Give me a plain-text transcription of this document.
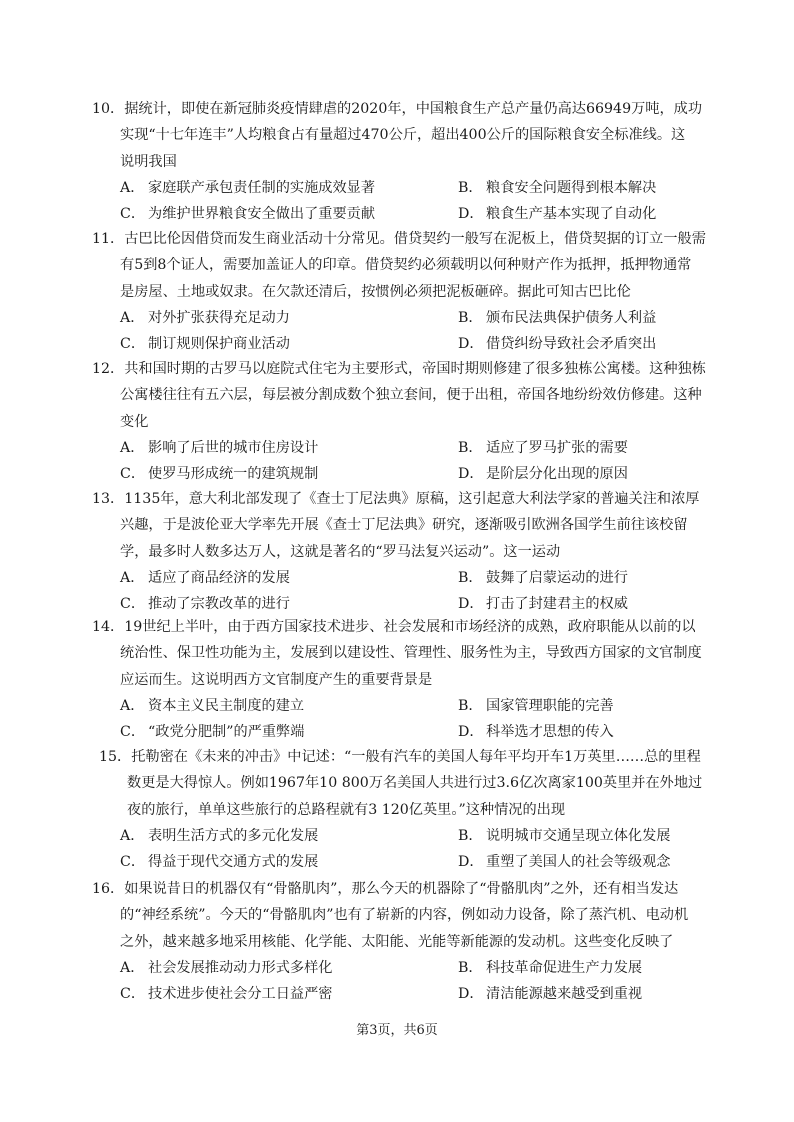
10．据统计，即使在新冠肺炎疫情肆虐的2020年，中国粮食生产总产量仍高达66949万吨，成功
实现“十七年连丰”人均粮食占有量超过470公斤，超出400公斤的国际粮食安全标准线。这
说明我国

A． 家庭联产承包责任制的实施成效显著	B． 粮食安全问题得到根本解决
C． 为维护世界粮食安全做出了重要贡献	D． 粮食生产基本实现了自动化

11．古巴比伦因借贷而发生商业活动十分常见。借贷契约一般写在泥板上，借贷契据的订立一般需
有5到8个证人，需要加盖证人的印章。借贷契约必须载明以何种财产作为抵押，抵押物通常
是房屋、土地或奴隶。在欠款还清后，按惯例必须把泥板砸碎。据此可知古巴比伦

A． 对外扩张获得充足动力	B． 颁布民法典保护债务人利益
C． 制订规则保护商业活动	D． 借贷纠纷导致社会矛盾突出

12．共和国时期的古罗马以庭院式住宅为主要形式，帝国时期则修建了很多独栋公寓楼。这种独栋
公寓楼往往有五六层，每层被分割成数个独立套间，便于出租，帝国各地纷纷效仿修建。这种
变化

A． 影响了后世的城市住房设计	B． 适应了罗马扩张的需要
C． 使罗马形成统一的建筑规制	D． 是阶层分化出现的原因

13．1135年，意大利北部发现了《查士丁尼法典》原稿，这引起意大利法学家的普遍关注和浓厚
兴趣，于是波伦亚大学率先开展《查士丁尼法典》研究，逐渐吸引欧洲各国学生前往该校留
学，最多时人数多达万人，这就是著名的“罗马法复兴运动”。这一运动

A． 适应了商品经济的发展	B． 鼓舞了启蒙运动的进行
C． 推动了宗教改革的进行	D． 打击了封建君主的权威

14．19世纪上半叶，由于西方国家技术进步、社会发展和市场经济的成熟，政府职能从以前的以
统治性、保卫性功能为主，发展到以建设性、管理性、服务性为主，导致西方国家的文官制度
应运而生。这说明西方文官制度产生的重要背景是

A． 资本主义民主制度的建立	B． 国家管理职能的完善
C． “政党分肥制”的严重弊端	D． 科举选才思想的传入

15．托勒密在《未来的冲击》中记述：“一般有汽车的美国人每年平均开车1万英里……总的里程
数更是大得惊人。例如1967年10 800万名美国人共进行过3.6亿次离家100英里并在外地过
夜的旅行，单单这些旅行的总路程就有3 120亿英里。”这种情况的出现

A． 表明生活方式的多元化发展	B． 说明城市交通呈现立体化发展
C． 得益于现代交通方式的发展	D． 重塑了美国人的社会等级观念

16．如果说昔日的机器仅有“骨骼肌肉”，那么今天的机器除了“骨骼肌肉”之外，还有相当发达
的“神经系统”。今天的“骨骼肌肉”也有了崭新的内容，例如动力设备，除了蒸汽机、电动机
之外，越来越多地采用核能、化学能、太阳能、光能等新能源的发动机。这些变化反映了

A． 社会发展推动动力形式多样化	B． 科技革命促进生产力发展
C． 技术进步使社会分工日益严密	D． 清洁能源越来越受到重视
第3页，共6页
